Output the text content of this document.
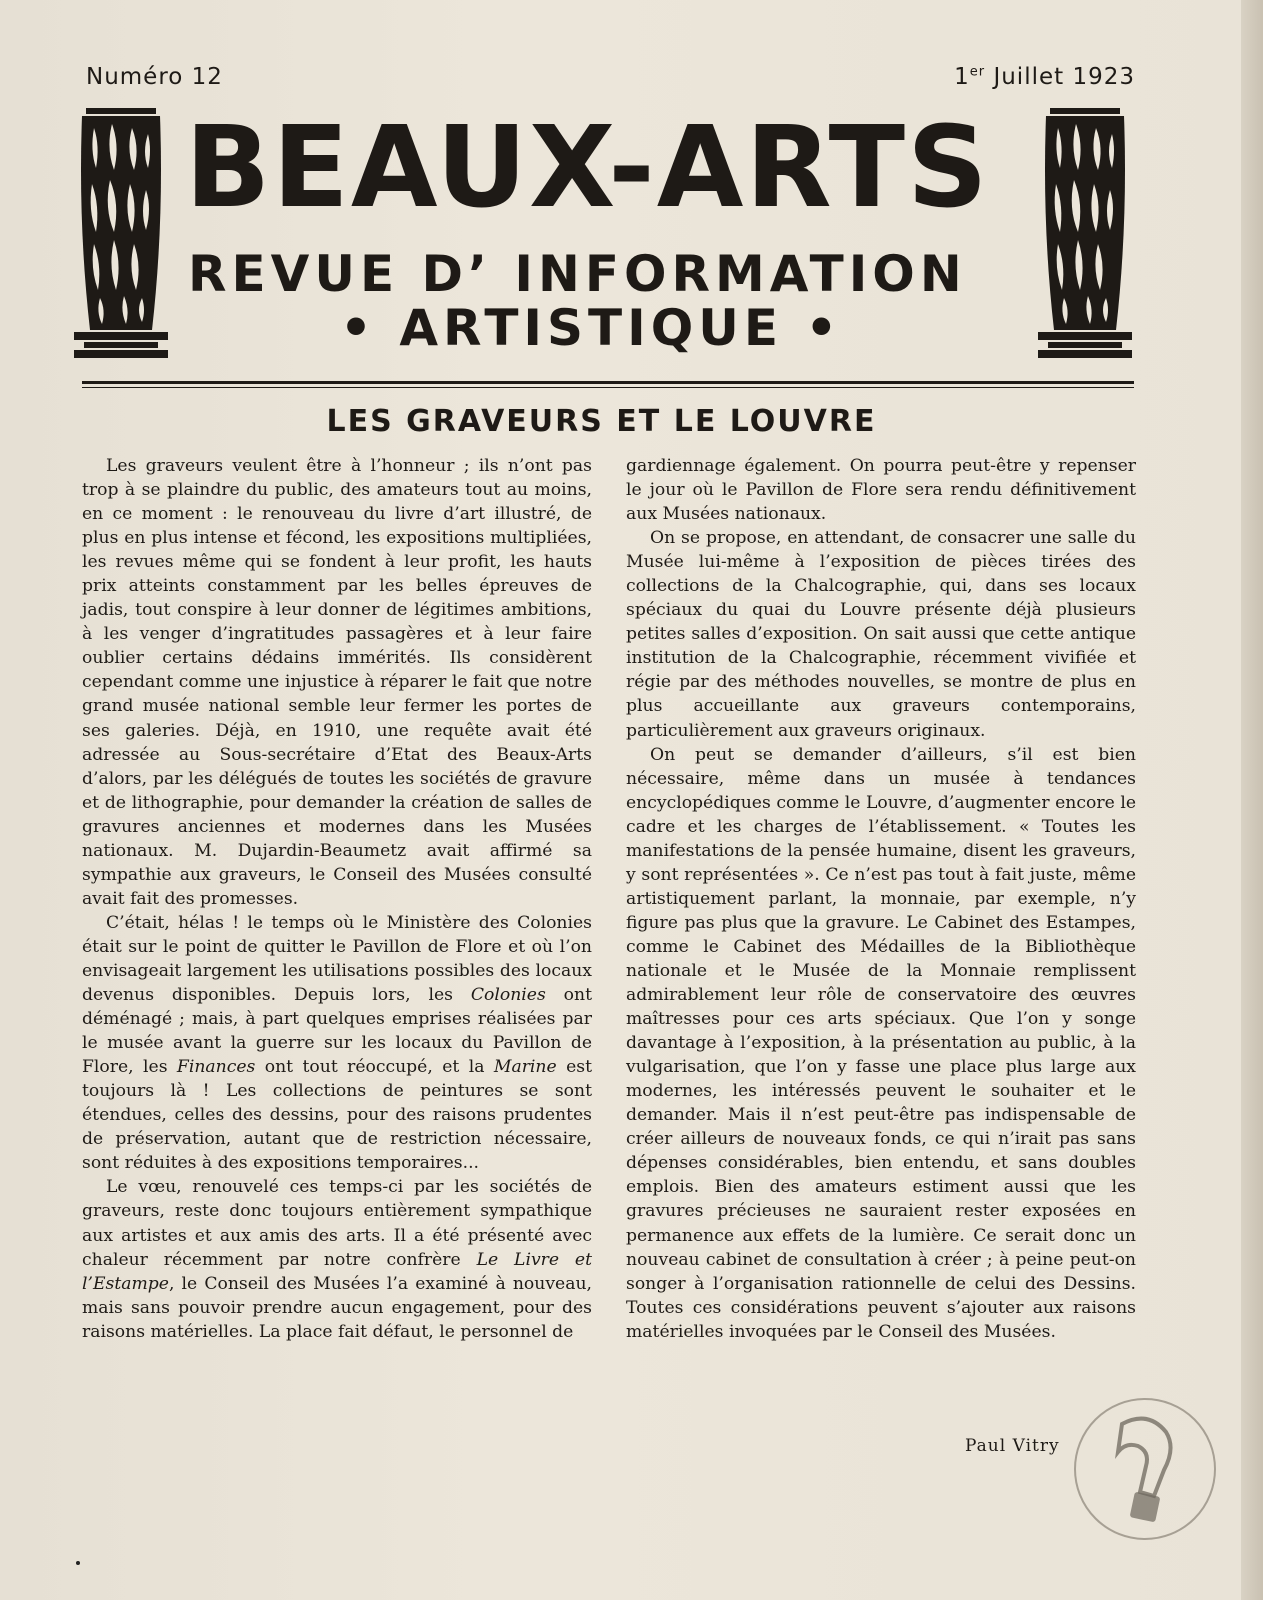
Numéro 12	1er Juillet 1923
BEAUX-ARTS
REVUE D’ INFORMATION
• ARTISTIQUE •
LES GRAVEURS ET LE LOUVRE

Les graveurs veulent être à l’honneur ; ils n’ont pas trop à se plaindre du public, des amateurs tout au moins, en ce moment : le renouveau du livre d’art illustré, de plus en plus intense et fécond, les expositions multipliées, les revues même qui se fondent à leur profit, les hauts prix atteints constamment par les belles épreuves de jadis, tout conspire à leur donner de légitimes ambitions, à les venger d’ingratitudes passagères et à leur faire oublier certains dédains immérités. Ils considèrent cependant comme une injustice à réparer le fait que notre grand musée national semble leur fermer les portes de ses galeries. Déjà, en 1910, une requête avait été adressée au Sous-secrétaire d’Etat des Beaux-Arts d’alors, par les délégués de toutes les sociétés de gravure et de lithographie, pour demander la création de salles de gravures anciennes et modernes dans les Musées nationaux. M. Dujardin-Beaumetz avait affirmé sa sympathie aux graveurs, le Conseil des Musées consulté avait fait des promesses.

C’était, hélas ! le temps où le Ministère des Colonies était sur le point de quitter le Pavillon de Flore et où l’on envisageait largement les utilisations possibles des locaux devenus disponibles. Depuis lors, les Colonies ont déménagé ; mais, à part quelques emprises réalisées par le musée avant la guerre sur les locaux du Pavillon de Flore, les Finances ont tout réoccupé, et la Marine est toujours là ! Les collections de peintures se sont étendues, celles des dessins, pour des raisons prudentes de préservation, autant que de restriction nécessaire, sont réduites à des expositions temporaires...

Le vœu, renouvelé ces temps-ci par les sociétés de graveurs, reste donc toujours entièrement sympathique aux artistes et aux amis des arts. Il a été présenté avec chaleur récemment par notre confrère Le Livre et l’Estampe, le Conseil des Musées l’a examiné à nouveau, mais sans pouvoir prendre aucun engagement, pour des raisons matérielles. La place fait défaut, le personnel de

gardiennage également. On pourra peut-être y repenser le jour où le Pavillon de Flore sera rendu définitivement aux Musées nationaux.

On se propose, en attendant, de consacrer une salle du Musée lui-même à l’exposition de pièces tirées des collections de la Chalcographie, qui, dans ses locaux spéciaux du quai du Louvre présente déjà plusieurs petites salles d’exposition. On sait aussi que cette antique institution de la Chalcographie, récemment vivifiée et régie par des méthodes nouvelles, se montre de plus en plus accueillante aux graveurs contemporains, particulièrement aux graveurs originaux.

On peut se demander d’ailleurs, s’il est bien nécessaire, même dans un musée à tendances encyclopédiques comme le Louvre, d’augmenter encore le cadre et les charges de l’établissement. « Toutes les manifestations de la pensée humaine, disent les graveurs, y sont représentées ». Ce n’est pas tout à fait juste, même artistiquement parlant, la monnaie, par exemple, n’y figure pas plus que la gravure. Le Cabinet des Estampes, comme le Cabinet des Médailles de la Bibliothèque nationale et le Musée de la Monnaie remplissent admirablement leur rôle de conservatoire des œuvres maîtresses pour ces arts spéciaux. Que l’on y songe davantage à l’exposition, à la présentation au public, à la vulgarisation, que l’on y fasse une place plus large aux modernes, les intéressés peuvent le souhaiter et le demander. Mais il n’est peut-être pas indispensable de créer ailleurs de nouveaux fonds, ce qui n’irait pas sans dépenses considérables, bien entendu, et sans doubles emplois. Bien des amateurs estiment aussi que les gravures précieuses ne sauraient rester exposées en permanence aux effets de la lumière. Ce serait donc un nouveau cabinet de consultation à créer ; à peine peut-on songer à l’organisation rationnelle de celui des Dessins. Toutes ces considérations peuvent s’ajouter aux raisons matérielles invoquées par le Conseil des Musées.

Paul Vitry
